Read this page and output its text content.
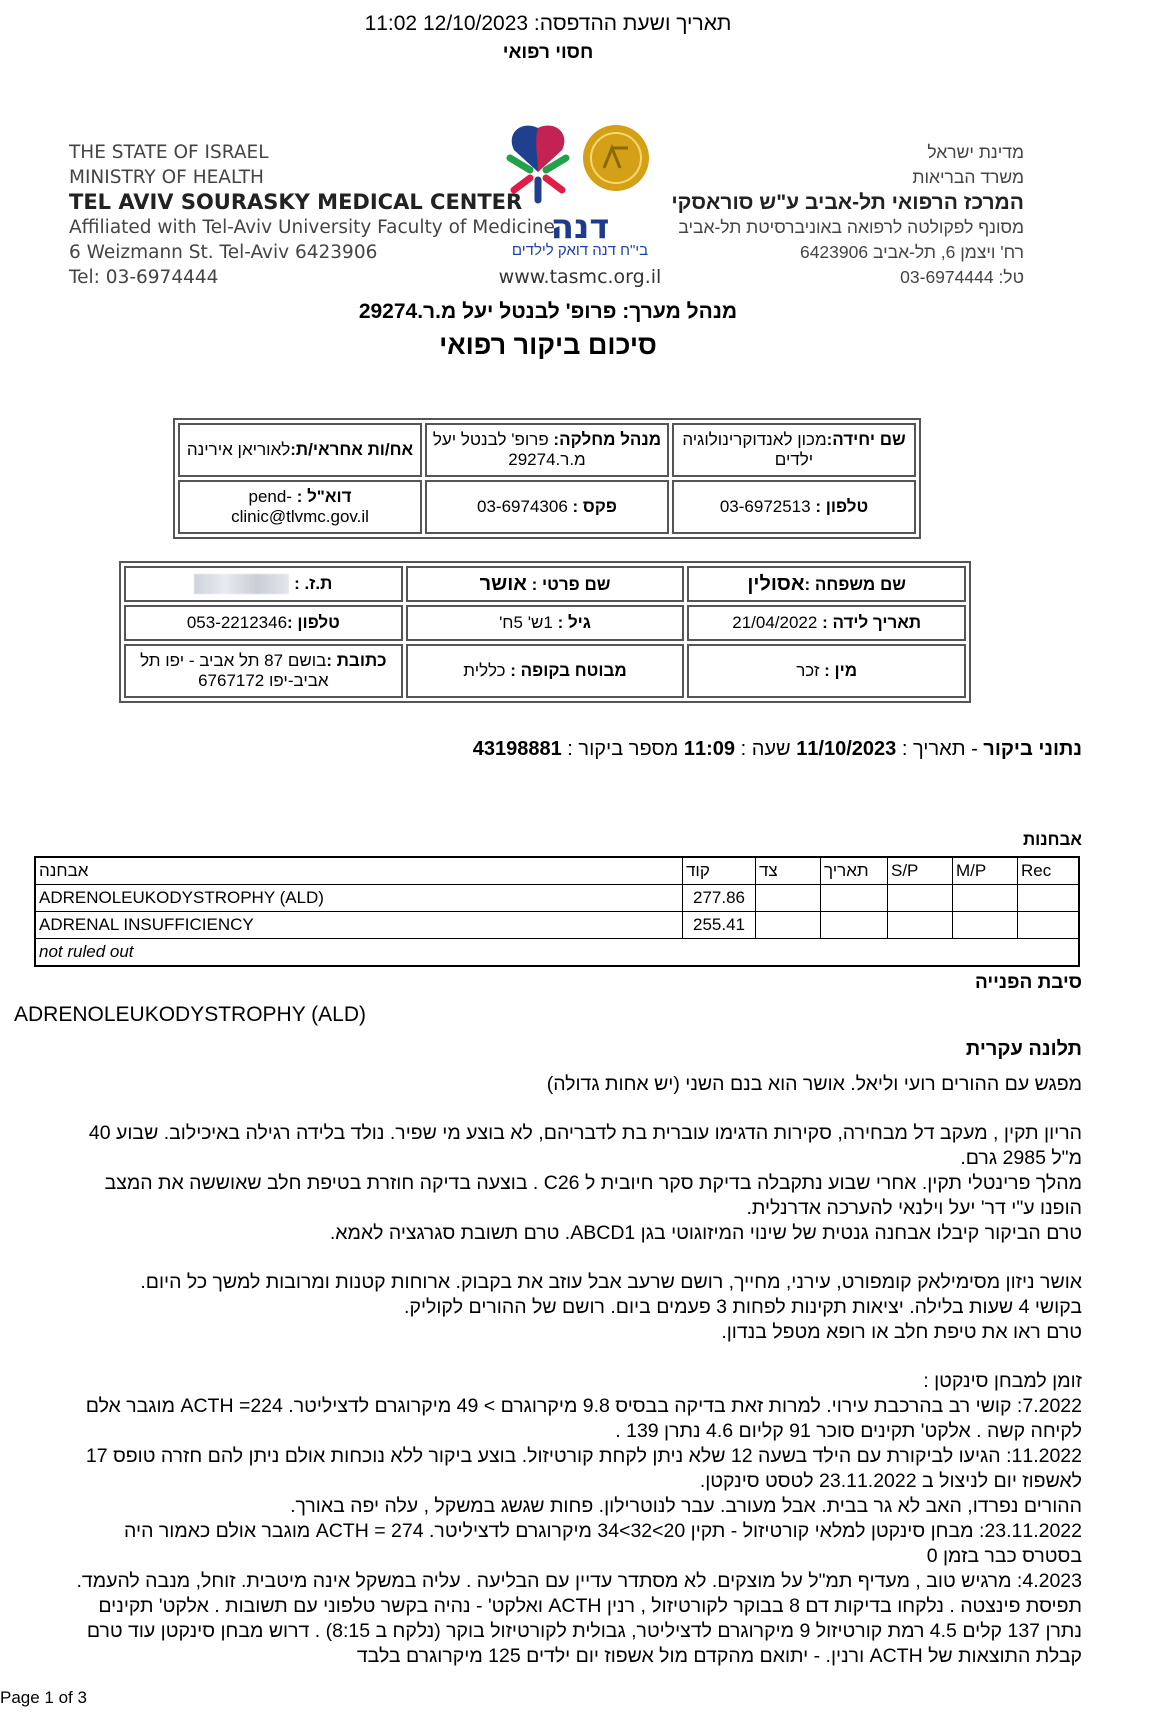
תאריך ושעת ההדפסה: 12/10/2023 11:02
חסוי רפואי
THE STATE OF ISRAEL
MINISTRY OF HEALTH
TEL AVIV SOURASKY MEDICAL CENTER
Affiliated with Tel-Aviv University Faculty of Medicine
6 Weizmann St. Tel-Aviv 6423906
Tel: 03-6974444
מדינת ישראל
משרד הבריאות
המרכז הרפואי תל-אביב ע"ש סוראסקי
מסונף לפקולטה לרפואה באוניברסיטת תל-אביב
רח' ויצמן 6, תל-אביב 6423906
טל: 03-6974444
דנה
בי"ח דנה דואק לילדים
www.tasmc.org.il
מנהל מערך: פרופ' לבנטל יעל מ.ר.29274
סיכום ביקור רפואי
שם יחידה:מכון לאנדוקרינולוגיה ילדים	מנהל מחלקה: פרופ' לבנטל יעל מ.ר.29274	אח/ות אחראי/ת:לאוריאן אירינה
טלפון : 03-6972513	פקס : 03-6974306	דוא"ל : pend-clinic@tlvmc.gov.il
שם משפחה :אסולין	שם פרטי : אושר	ת.ז. :
תאריך לידה : 21/04/2022	גיל : 1ש' 5ח'	טלפון :053-2212346
מין : זכר	מבוטח בקופה : כללית	כתובת :בושם 87 תל אביב - יפו תל אביב-יפו 6767172
נתוני ביקור - תאריך : 11/10/2023 שעה : 11:09 מספר ביקור : 43198881
אבחנות
אבחנה	קוד	צד	תאריך	S/P	M/P	Rec
ADRENOLEUKODYSTROPHY (ALD)	277.86					
ADRENAL INSUFFICIENCY	255.41					
not ruled out						
סיבת הפנייה
ADRENOLEUKODYSTROPHY (ALD)
תלונה עקרית
מפגש עם ההורים רועי וליאל. אושר הוא בנם השני (יש אחות גדולה)
הריון תקין , מעקב דל מבחירה, סקירות הדגימו עוברית בת לדבריהם, לא בוצע מי שפיר. נולד בלידה רגילה באיכילוב. שבוע 40
מ"ל 2985 גרם.
מהלך פרינטלי תקין. אחרי שבוע נתקבלה בדיקת סקר חיובית ל C26 . בוצעה בדיקה חוזרת בטיפת חלב שאוששה את המצב
הופנו ע"י דר' יעל וילנאי להערכה אדרנלית.
טרם הביקור קיבלו אבחנה גנטית של שינוי המיזוגוטי בגן ABCD1. טרם תשובת סגרגציה לאמא.
אושר ניזון מסימילאק קומפורט, עירני, מחייך, רושם שרעב אבל עוזב את בקבוק. ארוחות קטנות ומרובות למשך כל היום.
בקושי 4 שעות בלילה. יציאות תקינות לפחות 3 פעמים ביום. רושם של ההורים לקוליק.
טרם ראו את טיפת חלב או רופא מטפל בנדון.
זומן למבחן סינקטן :
7.2022: קושי רב בהרכבת עירוי. למרות זאת בדיקה בבסיס 9.8 מיקרוגרם > 49 מיקרוגרם לדציליטר. ACTH =224 מוגבר אלם
לקיחה קשה . אלקט' תקינים סוכר 91 קליום 4.6 נתרן 139 .
11.2022: הגיעו לביקורת עם הילד בשעה 12 שלא ניתן לקחת קורטיזול. בוצע ביקור ללא נוכחות אולם ניתן להם חזרה טופס 17
לאשפוז יום לניצול ב 23.11.2022 לטסט סינקטן.
ההורים נפרדו, האב לא גר בבית. אבל מעורב. עבר לנוטרילון. פחות שגשג במשקל , עלה יפה באורך.
23.11.2022: מבחן סינקטן למלאי קורטיזול - תקין 20>32>34 מיקרוגרם לדציליטר. ACTH = 274 מוגבר אולם כאמור היה
בסטרס כבר בזמן 0
4.2023: מרגיש טוב , מעדיף תמ"ל על מוצקים. לא מסתדר עדיין עם הבליעה . עליה במשקל אינה מיטבית. זוחל, מנבה להעמד.
תפיסת פינצטה . נלקחו בדיקות דם 8 בבוקר לקורטיזול , רנין ACTH ואלקט' - נהיה בקשר טלפוני עם תשובות . אלקט' תקינים
נתרן 137 קלים 4.5 רמת קורטיזול 9 מיקרוגרם לדציליטר, גבולית לקורטיזול בוקר (נלקח ב 8:15) . דרוש מבחן סינקטן עוד טרם
קבלת התוצאות של ACTH ורנין. - יתואם מהקדם מול אשפוז יום ילדים 125 מיקרוגרם בלבד
Page 1 of 3
